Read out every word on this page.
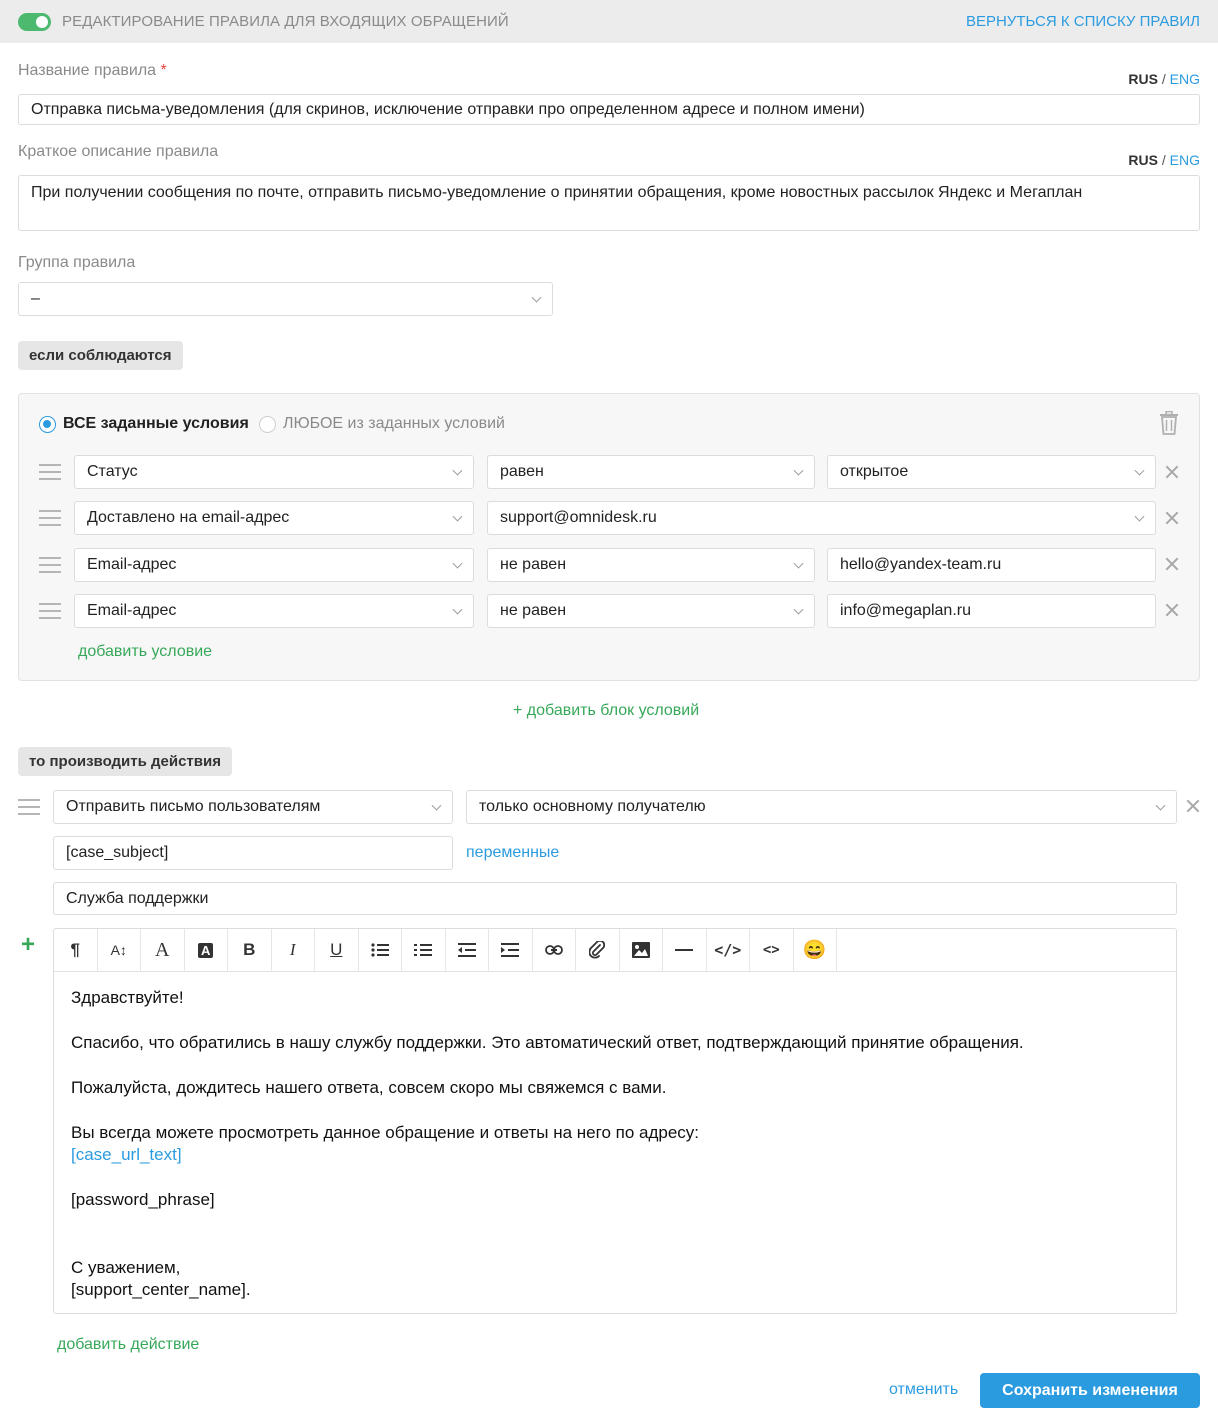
РЕДАКТИРОВАНИЕ ПРАВИЛА ДЛЯ ВХОДЯЩИХ ОБРАЩЕНИЙ	ВЕРНУТЬСЯ К СПИСКУ ПРАВИЛ
Название правила *	RUS / ENG
Отправка письма-уведомления (для скринов, исключение отправки про определенном адресе и полном имени)
Краткое описание правила	RUS / ENG
При получении сообщения по почте, отправить письмо-уведомление о принятии обращения, кроме новостных рассылок Яндекс и Мегаплан
Группа правила
–
если соблюдаются
ВСЕ заданные условия ЛЮБОЕ из заданных условий
Статус	равен	открытое
Доставлено на email-адрес	support@omnidesk.ru
Email-адрес	не равен	hello@yandex-team.ru
Email-адрес	не равен	info@megaplan.ru
добавить условие
+ добавить блок условий
то производить действия
Отправить письмо пользователям	только основному получателю
[case_subject]	переменные
Служба поддержки
+ ¶ A↕ A A B I U	</> <> 😄

Здравствуйте!

Спасибо, что обратились в нашу службу поддержки. Это автоматический ответ, подтверждающий принятие обращения.

Пожалуйста, дождитесь нашего ответа, совсем скоро мы свяжемся с вами.

Вы всегда можете просмотреть данное обращение и ответы на него по адресу:

[case_url_text]

[password_phrase]

С уважением,

[support_center_name].

добавить действие
отменить	Сохранить изменения
